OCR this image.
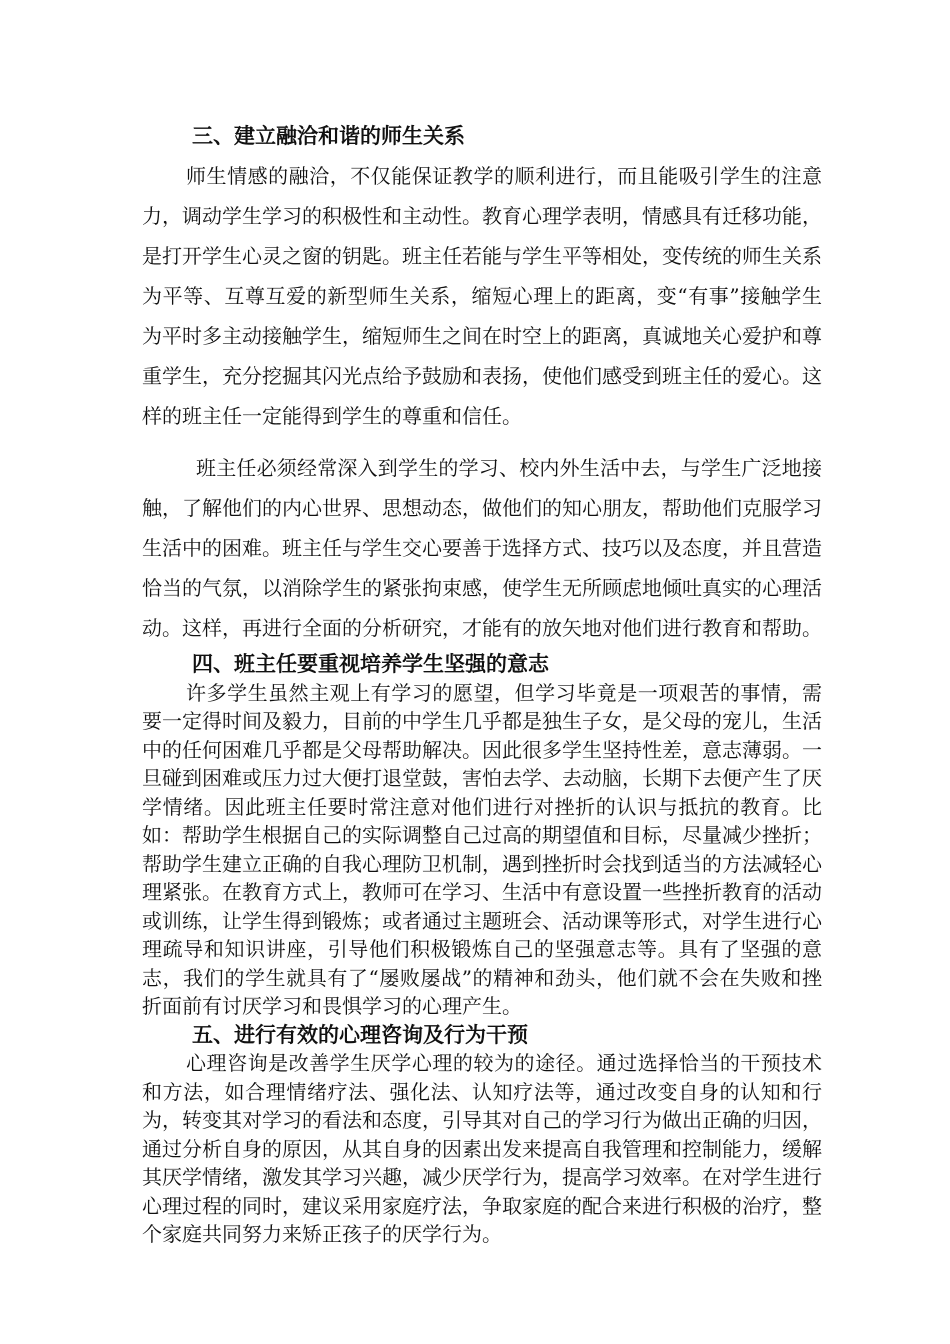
三、建立融洽和谐的师生关系

师生情感的融洽，不仅能保证教学的顺利进行，而且能吸引学生的注意力，调动学生学习的积极性和主动性。教育心理学表明，情感具有迁移功能，是打开学生心灵之窗的钥匙。班主任若能与学生平等相处，变传统的师生关系为平等、互尊互爱的新型师生关系，缩短心理上的距离，变“有事”接触学生为平时多主动接触学生，缩短师生之间在时空上的距离，真诚地关心爱护和尊重学生，充分挖掘其闪光点给予鼓励和表扬，使他们感受到班主任的爱心。这样的班主任一定能得到学生的尊重和信任。

班主任必须经常深入到学生的学习、校内外生活中去，与学生广泛地接触，了解他们的内心世界、思想动态，做他们的知心朋友，帮助他们克服学习生活中的困难。班主任与学生交心要善于选择方式、技巧以及态度，并且营造恰当的气氛，以消除学生的紧张拘束感，使学生无所顾虑地倾吐真实的心理活动。这样，再进行全面的分析研究，才能有的放矢地对他们进行教育和帮助。

四、班主任要重视培养学生坚强的意志

许多学生虽然主观上有学习的愿望，但学习毕竟是一项艰苦的事情，需要一定得时间及毅力，目前的中学生几乎都是独生子女，是父母的宠儿，生活中的任何困难几乎都是父母帮助解决。因此很多学生坚持性差，意志薄弱。一旦碰到困难或压力过大便打退堂鼓，害怕去学、去动脑，长期下去便产生了厌学情绪。因此班主任要时常注意对他们进行对挫折的认识与抵抗的教育。比如：帮助学生根据自己的实际调整自己过高的期望值和目标，尽量减少挫折；帮助学生建立正确的自我心理防卫机制，遇到挫折时会找到适当的方法减轻心理紧张。在教育方式上，教师可在学习、生活中有意设置一些挫折教育的活动或训练，让学生得到锻炼；或者通过主题班会、活动课等形式，对学生进行心理疏导和知识讲座，引导他们积极锻炼自己的坚强意志等。具有了坚强的意志，我们的学生就具有了“屡败屡战”的精神和劲头，他们就不会在失败和挫折面前有讨厌学习和畏惧学习的心理产生。

五、进行有效的心理咨询及行为干预

心理咨询是改善学生厌学心理的较为的途径。通过选择恰当的干预技术和方法，如合理情绪疗法、强化法、认知疗法等，通过改变自身的认知和行为，转变其对学习的看法和态度，引导其对自己的学习行为做出正确的归因，通过分析自身的原因，从其自身的因素出发来提高自我管理和控制能力，缓解其厌学情绪，激发其学习兴趣，减少厌学行为，提高学习效率。在对学生进行心理过程的同时，建议采用家庭疗法，争取家庭的配合来进行积极的治疗，整个家庭共同努力来矫正孩子的厌学行为。
